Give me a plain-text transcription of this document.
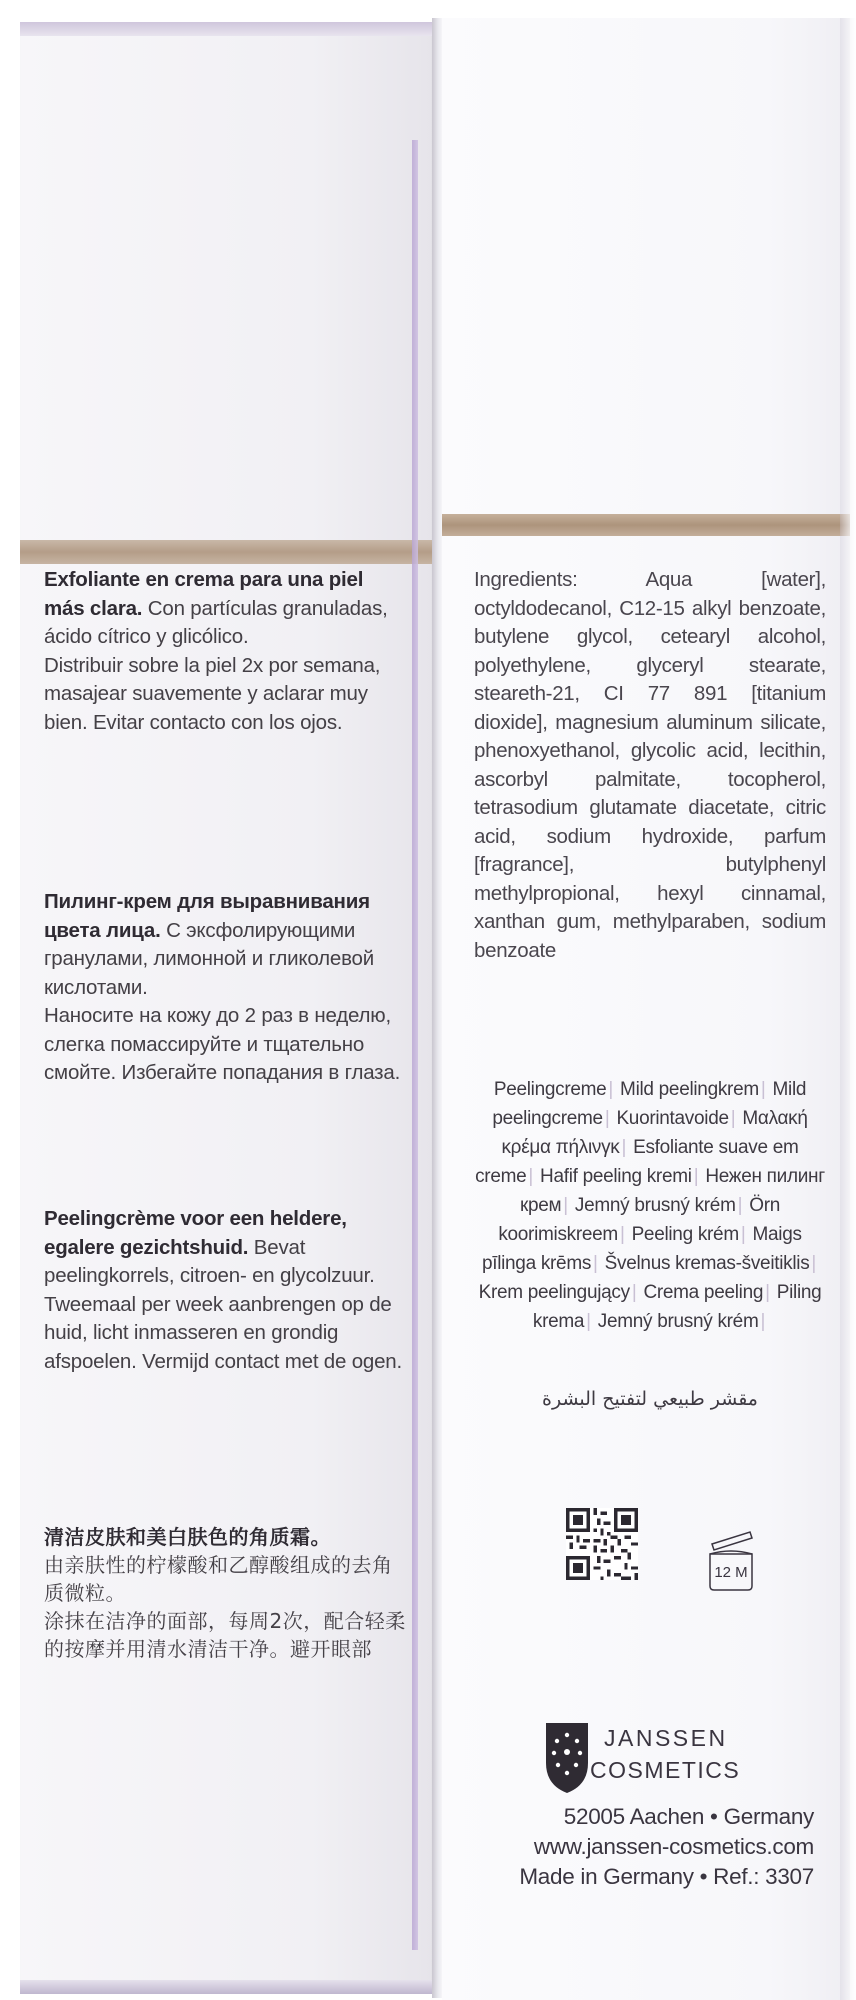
Exfoliante en crema para una piel más clara. Con partículas granuladas, ácido cítrico y glicólico.
Distribuir sobre la piel 2x por semana, masajear suavemente y aclarar muy bien. Evitar contacto con los ojos.
Пилинг-крем для выравнивания цвета лица. С эксфолирующими гранулами, лимонной и гликолевой кислотами.
Наносите на кожу до 2 раз в неделю, слегка помассируйте и тщательно смойте. Избегайте попадания в глаза.
Peelingcrème voor een heldere, egalere gezichtshuid. Bevat peelingkorrels, citroen- en glycolzuur.
Tweemaal per week aanbrengen op de huid, licht inmasseren en grondig afspoelen. Vermijd contact met de ogen.
清洁皮肤和美白肤色的角质霜。
由亲肤性的柠檬酸和乙醇酸组成的去角质微粒。
涂抹在洁净的面部，每周2次，配合轻柔的按摩并用清水清洁干净。避开眼部
Ingredients: Aqua [water], octyldodecanol, C12-15 alkyl benzoate, butylene glycol, cetearyl alcohol, polyethylene, glyceryl stearate, steareth-21, CI 77 891 [titanium dioxide], magnesium aluminum silicate, phenoxyethanol, glycolic acid, lecithin, ascorbyl palmitate, tocopherol, tetrasodium glutamate diacetate, citric acid, sodium hydroxide, parfum [fragrance], butylphenyl methylpropional, hexyl cinnamal, xanthan gum, methylparaben, sodium benzoate
Peelingcreme | Mild peelingkrem | Mild peelingcreme | Kuorintavoide | Μαλακή κρέμα πήλινγκ | Esfoliante suave em creme | Hafif peeling kremi | Нежен пилинг крем | Jemný brusný krém | Örn koorimiskreem | Peeling krém | Maigs pīlinga krēms | Švelnus kremas-šveitiklis | Krem peelingujący | Crema peeling | Piling krema | Jemný brusný krém |
مقشر طبيعي لتفتيح البشرة
12 M
JANSSEN
COSMETICS
52005 Aachen • Germany
www.janssen-cosmetics.com
Made in Germany • Ref.: 3307
